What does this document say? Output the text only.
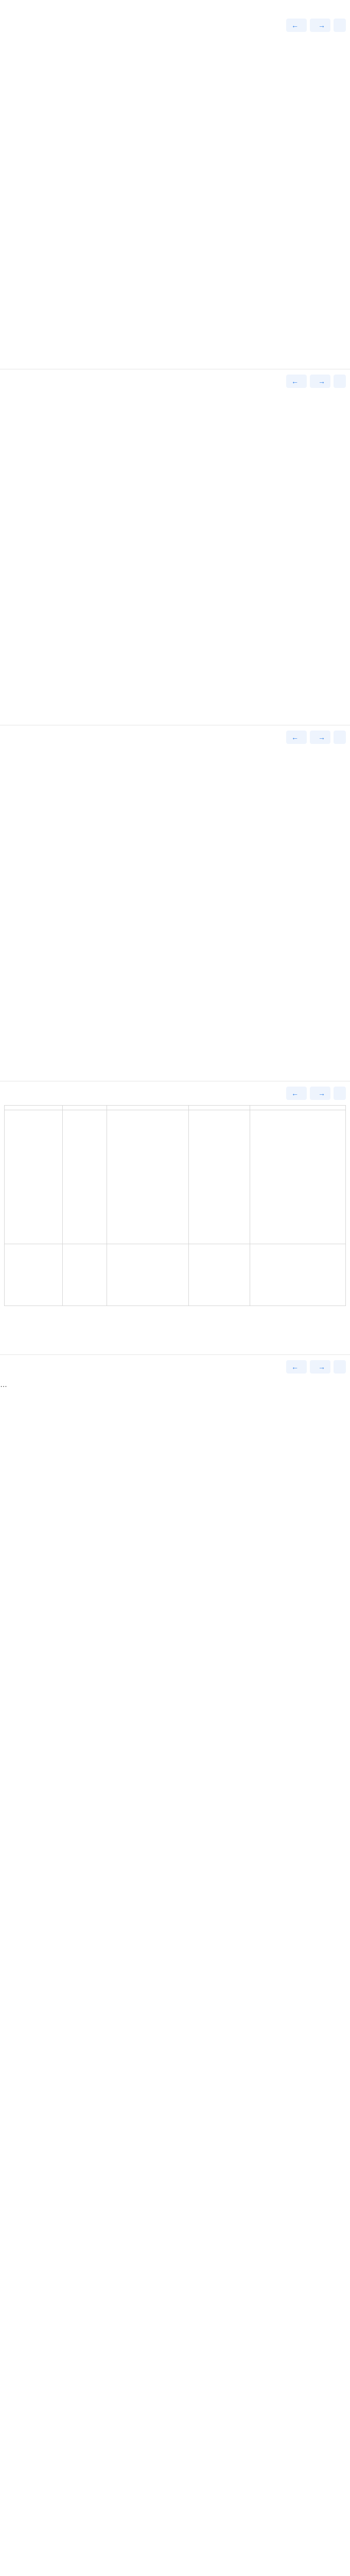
←	→

←	→

←	→

←	→

←	→
…
